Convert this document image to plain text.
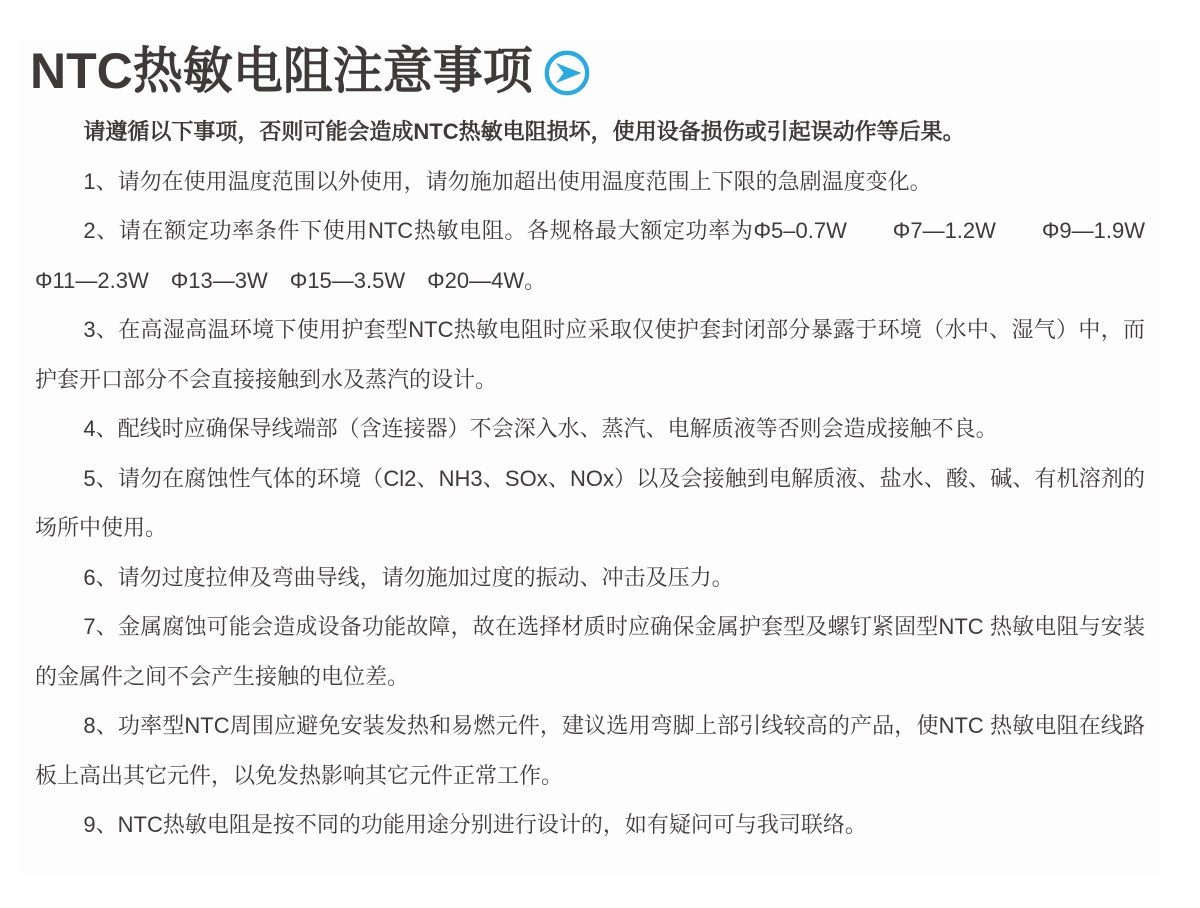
NTC热敏电阻注意事项

请遵循以下事项，否则可能会造成NTC热敏电阻损坏，使用设备损伤或引起误动作等后果。

1、请勿在使用温度范围以外使用，请勿施加超出使用温度范围上下限的急剧温度变化。

2、请在额定功率条件下使用NTC热敏电阻。各规格最大额定功率为Φ5–0.7W　　Φ7—1.2W　　Φ9—1.9W　Φ11—2.3W　Φ13—3W　Φ15—3.5W　Φ20—4W。

3、在高湿高温环境下使用护套型NTC热敏电阻时应采取仅使护套封闭部分暴露于环境（水中、湿气）中，而护套开口部分不会直接接触到水及蒸汽的设计。

4、配线时应确保导线端部（含连接器）不会深入水、蒸汽、电解质液等否则会造成接触不良。

5、请勿在腐蚀性气体的环境（Cl2、NH3、SOx、NOx）以及会接触到电解质液、盐水、酸、碱、有机溶剂的场所中使用。

6、请勿过度拉伸及弯曲导线，请勿施加过度的振动、冲击及压力。

7、金属腐蚀可能会造成设备功能故障，故在选择材质时应确保金属护套型及螺钉紧固型NTC 热敏电阻与安装的金属件之间不会产生接触的电位差。

8、功率型NTC周围应避免安装发热和易燃元件，建议选用弯脚上部引线较高的产品，使NTC 热敏电阻在线路板上高出其它元件，以免发热影响其它元件正常工作。

9、NTC热敏电阻是按不同的功能用途分别进行设计的，如有疑问可与我司联络。
